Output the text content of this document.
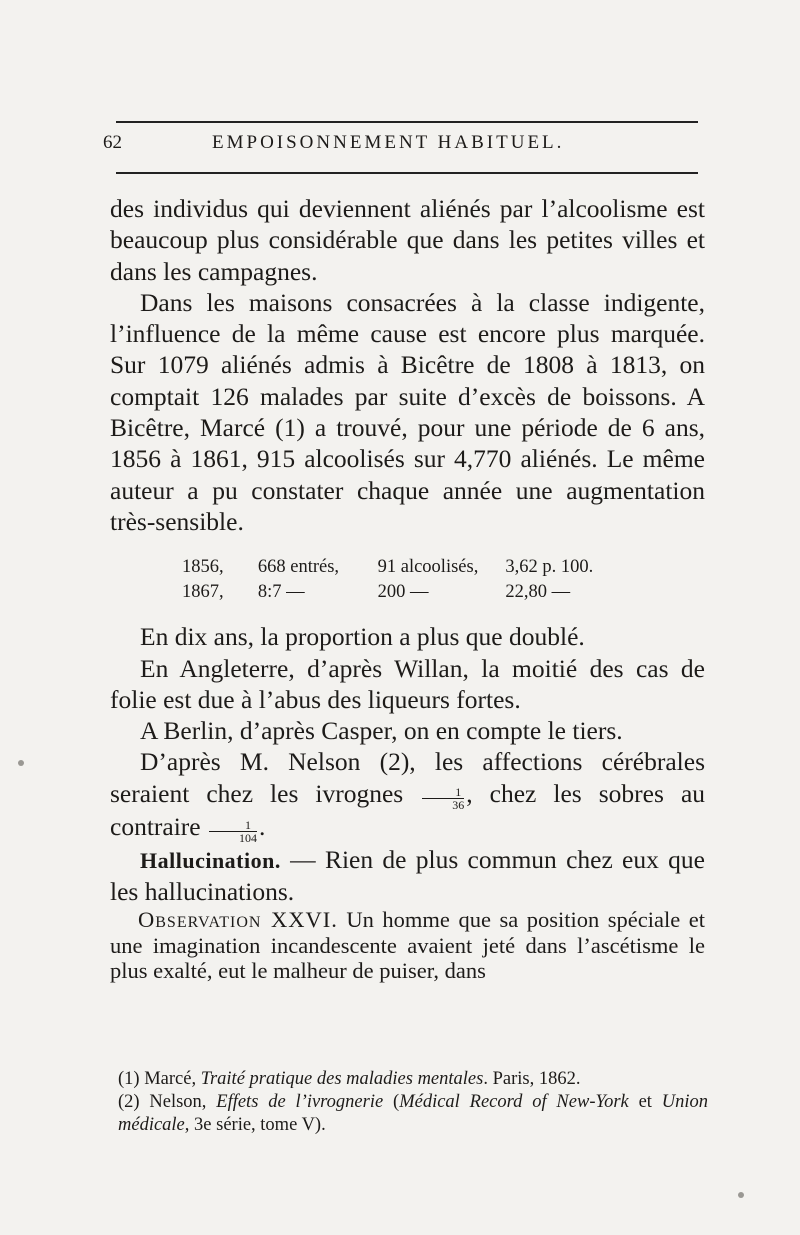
62	EMPOISONNEMENT HABITUEL.

des individus qui deviennent aliénés par l’alcoolisme est beaucoup plus considérable que dans les petites villes et dans les campagnes.

Dans les maisons consacrées à la classe indigente, l’influence de la même cause est encore plus marquée. Sur 1079 aliénés admis à Bicêtre de 1808 à 1813, on comptait 126 malades par suite d’excès de boissons. A Bicêtre, Marcé (1) a trouvé, pour une période de 6 ans, 1856 à 1861, 915 alcoolisés sur 4,770 aliénés. Le même auteur a pu constater chaque année une augmentation très-sensible.

1856,	668 entrés,	91 alcoolisés,	3,62 p. 100.
1867,	8:7 —	200 —	22,80 —

En dix ans, la proportion a plus que doublé.

En Angleterre, d’après Willan, la moitié des cas de folie est due à l’abus des liqueurs fortes.

A Berlin, d’après Casper, on en compte le tiers.

D’après M. Nelson (2), les affections cérébrales seraient chez les ivrognes $\frac{1}{36}$ , chez les sobres au contraire $\frac{1}{104}$ .

Hallucination. — Rien de plus commun chez eux que les hallucinations.

Observation XXVI. Un homme que sa position spéciale et une imagination incandescente avaient jeté dans l’ascétisme le plus exalté, eut le malheur de puiser, dans

(1) Marcé, Traité pratique des maladies mentales. Paris, 1862.

(2) Nelson, Effets de l’ivrognerie (Médical Record of New-York et Union médicale, 3e série, tome V).
